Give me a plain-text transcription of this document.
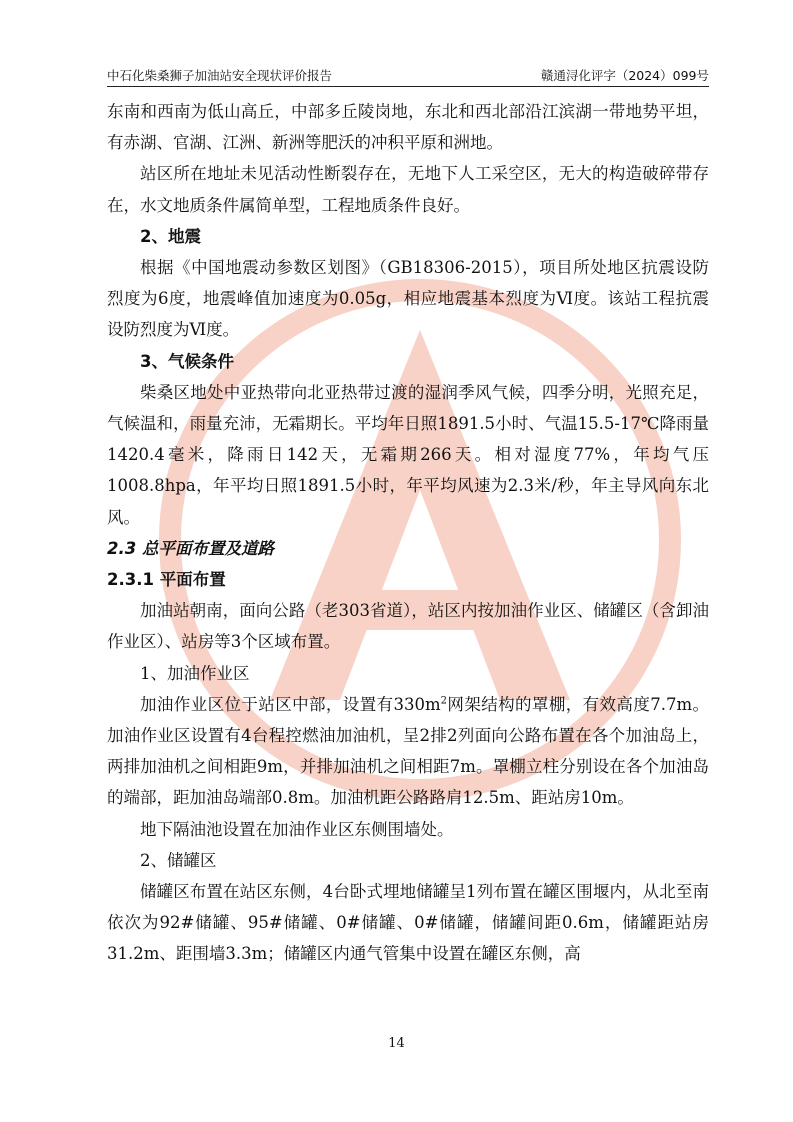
中石化柴桑狮子加油站安全现状评价报告	赣通浔化评字（2024）099号

东南和西南为低山高丘，中部多丘陵岗地，东北和西北部沿江滨湖一带地势平坦，有赤湖、官湖、江洲、新洲等肥沃的冲积平原和洲地。

站区所在地址未见活动性断裂存在，无地下人工采空区，无大的构造破碎带存在，水文地质条件属简单型，工程地质条件良好。

2、地震

根据《中国地震动参数区划图》（GB18306-2015），项目所处地区抗震设防烈度为6度，地震峰值加速度为0.05g，相应地震基本烈度为Ⅵ度。该站工程抗震设防烈度为Ⅵ度。

3、气候条件

柴桑区地处中亚热带向北亚热带过渡的湿润季风气候，四季分明，光照充足，气候温和，雨量充沛，无霜期长。平均年日照1891.5小时、气温15.5-17℃降雨量1420.4毫米，降雨日142天，无霜期266天。相对湿度77%，年均气压1008.8hpa，年平均日照1891.5小时，年平均风速为2.3米/秒，年主导风向东北风。

2.3 总平面布置及道路

2.3.1 平面布置

加油站朝南，面向公路（老303省道），站区内按加油作业区、储罐区（含卸油作业区）、站房等3个区域布置。

1、加油作业区

加油作业区位于站区中部，设置有$330m^2$网架结构的罩棚，有效高度7.7m。加油作业区设置有4台程控燃油加油机，呈2排2列面向公路布置在各个加油岛上，两排加油机之间相距9m，并排加油机之间相距7m。罩棚立柱分别设在各个加油岛的端部，距加油岛端部0.8m。加油机距公路路肩12.5m、距站房10m。

地下隔油池设置在加油作业区东侧围墙处。

2、储罐区

储罐区布置在站区东侧，4台卧式埋地储罐呈1列布置在罐区围堰内，从北至南依次为92#储罐、95#储罐、0#储罐、0#储罐，储罐间距0.6m，储罐距站房31.2m、距围墙3.3m；储罐区内通气管集中设置在罐区东侧，高

14
